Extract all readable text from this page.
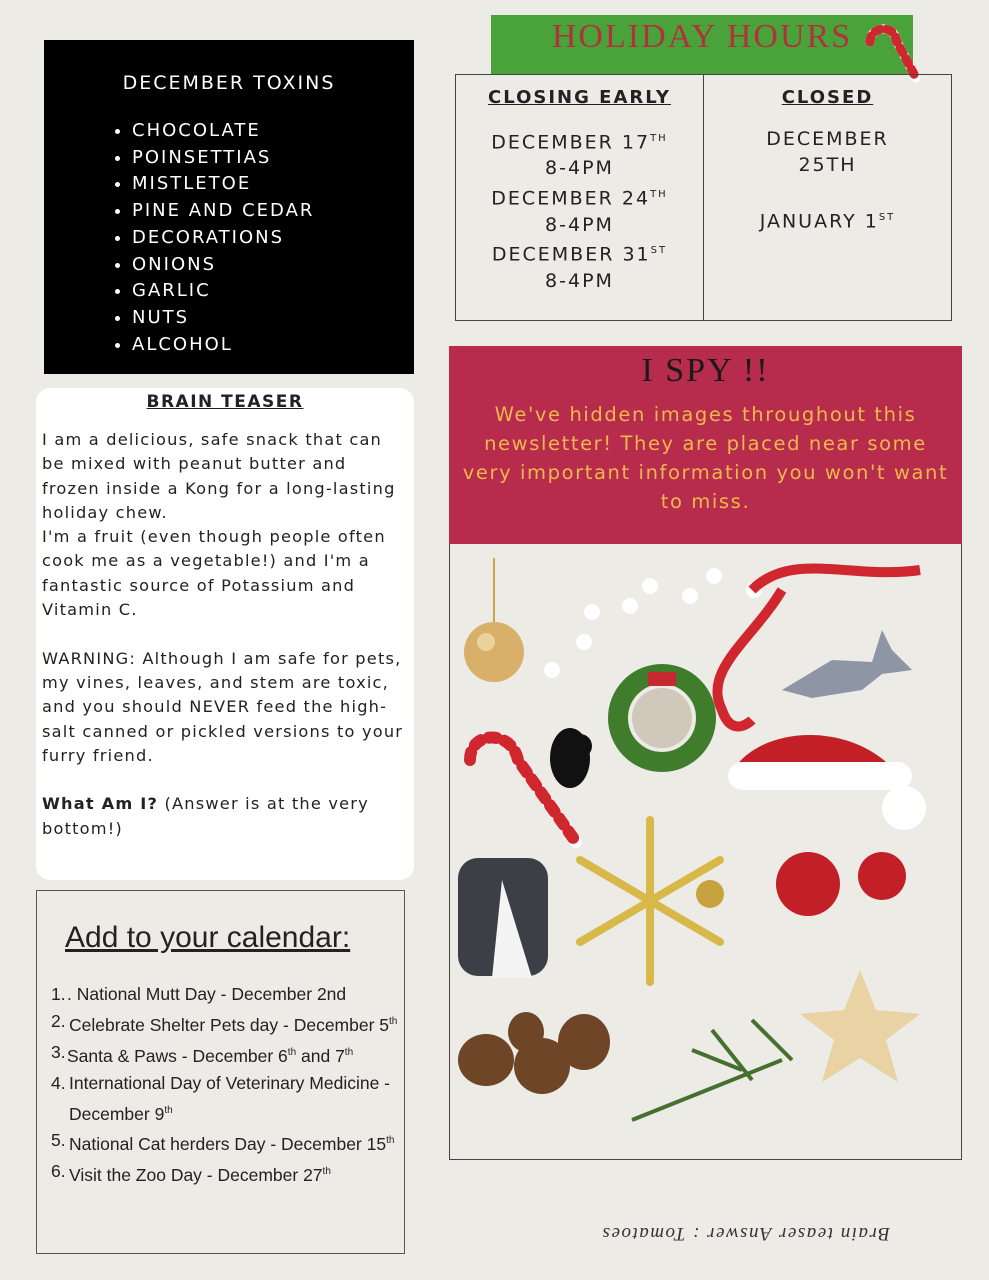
DECEMBER TOXINS
• CHOCOLATE
• POINSETTIAS
• MISTLETOE
• PINE AND CEDAR
• DECORATIONS
• ONIONS
• GARLIC
• NUTS
• ALCOHOL
BRAIN TEASER
I am a delicious, safe snack that can be mixed with peanut butter and frozen inside a Kong for a long-lasting holiday chew.
I'm a fruit (even though people often cook me as a vegetable!) and I'm a fantastic source of Potassium and Vitamin C.

WARNING: Although I am safe for pets, my vines, leaves, and stem are toxic, and you should NEVER feed the high-salt canned or pickled versions to your furry friend.

What Am I? (Answer is at the very bottom!)
Add to your calendar:
1. . National Mutt Day - December 2nd
2. Celebrate Shelter Pets day - December 5th
3. Santa & Paws - December 6th and 7th
4. International Day of Veterinary Medicine - December 9th
5. National Cat herders Day - December 15th
6. Visit the Zoo Day - December 27th
HOLIDAY HOURS
CLOSING EARLY
DECEMBER 17TH
8-4PM
DECEMBER 24TH
8-4PM
DECEMBER 31ST
8-4PM
CLOSED
DECEMBER
25TH
JANUARY 1ST
I SPY !!
We've hidden images throughout this newsletter! They are placed near some very important information you won't want to miss.
Brain teaser Answer : Tomatoes
